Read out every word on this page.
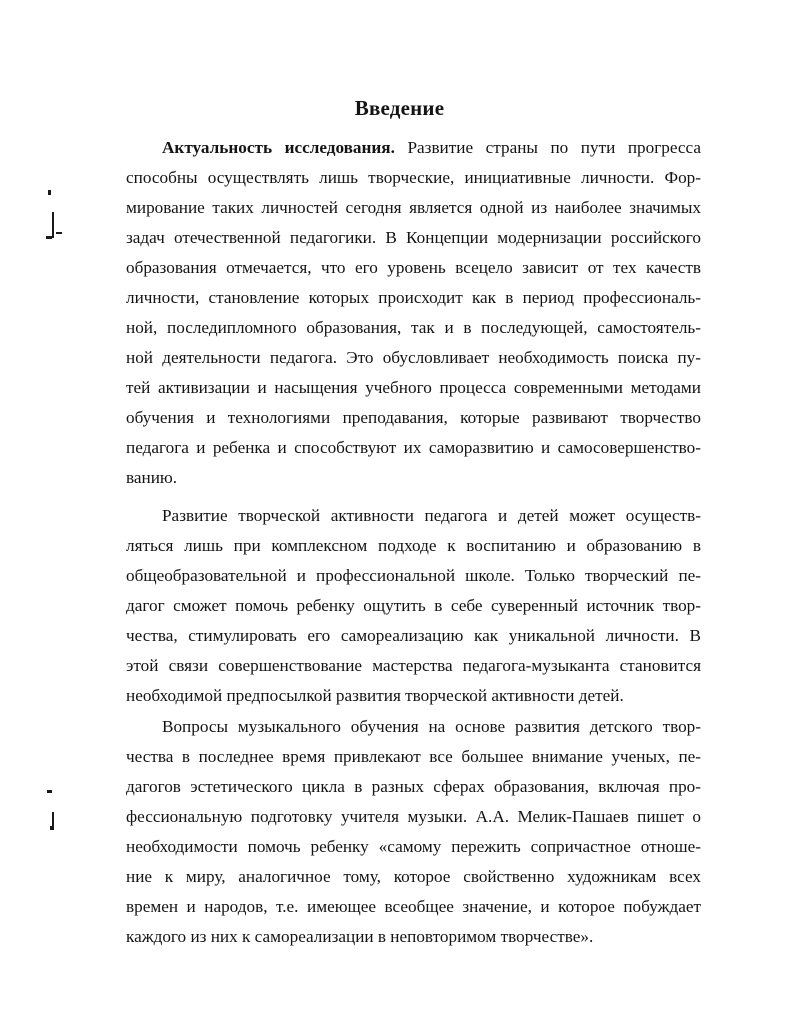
Введение
Актуальность исследования. Развитие страны по пути прогресса
способны осуществлять лишь творческие, инициативные личности. Фор-
мирование таких личностей сегодня является одной из наиболее значимых
задач отечественной педагогики. В Концепции модернизации российского
образования отмечается, что его уровень всецело зависит от тех качеств
личности, становление которых происходит как в период профессиональ-
ной, последипломного образования, так и в последующей, самостоятель-
ной деятельности педагога. Это обусловливает необходимость поиска пу-
тей активизации и насыщения учебного процесса современными методами
обучения и технологиями преподавания, которые развивают творчество
педагога и ребенка и способствуют их саморазвитию и самосовершенство-
ванию.
Развитие творческой активности педагога и детей может осуществ-
ляться лишь при комплексном подходе к воспитанию и образованию в
общеобразовательной и профессиональной школе. Только творческий пе-
дагог сможет помочь ребенку ощутить в себе суверенный источник твор-
чества, стимулировать его самореализацию как уникальной личности. В
этой связи совершенствование мастерства педагога-музыканта становится
необходимой предпосылкой развития творческой активности детей.
Вопросы музыкального обучения на основе развития детского твор-
чества в последнее время привлекают все большее внимание ученых, пе-
дагогов эстетического цикла в разных сферах образования, включая про-
фессиональную подготовку учителя музыки. А.А. Мелик-Пашаев пишет о
необходимости помочь ребенку «самому пережить сопричастное отноше-
ние к миру, аналогичное тому, которое свойственно художникам всех
времен и народов, т.е. имеющее всеобщее значение, и которое побуждает
каждого из них к самореализации в неповторимом творчестве».
